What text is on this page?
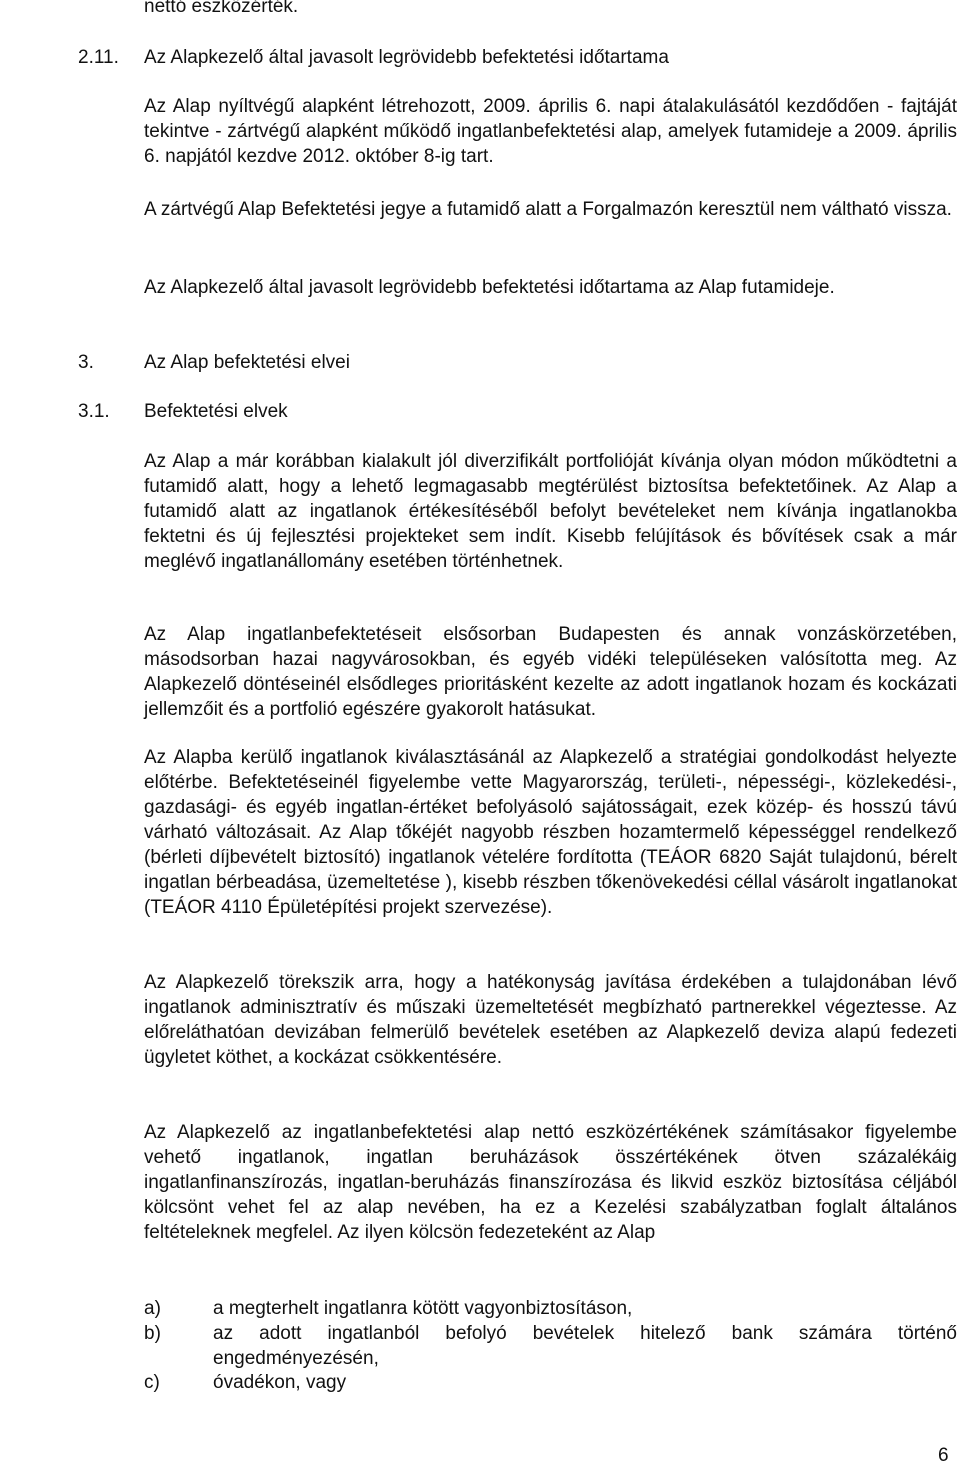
nettó eszközérték.

2.11. Az Alapkezelő által javasolt legrövidebb befektetési időtartama

Az Alap nyíltvégű alapként létrehozott, 2009. április 6. napi átalakulásától kezdődően - fajtáját tekintve - zártvégű alapként működő ingatlanbefektetési alap, amelyek futamideje a 2009. április 6. napjától kezdve 2012. október 8-ig tart.

A zártvégű Alap Befektetési jegye a futamidő alatt a Forgalmazón keresztül nem váltható vissza.

Az Alapkezelő által javasolt legrövidebb befektetési időtartama az Alap futamideje.

3.	Az Alap befektetési elvei
3.1. Befektetési elvek

Az Alap a már korábban kialakult jól diverzifikált portfolióját kívánja olyan módon működtetni a futamidő alatt, hogy a lehető legmagasabb megtérülést biztosítsa befektetőinek. Az Alap a futamidő alatt az ingatlanok értékesítéséből befolyt bevételeket nem kívánja ingatlanokba fektetni és új fejlesztési projekteket sem indít. Kisebb felújítások és bővítések csak a már meglévő ingatlanállomány esetében történhetnek.

Az Alap ingatlanbefektetéseit elsősorban Budapesten és annak vonzáskörzetében, másodsorban hazai nagyvárosokban, és egyéb vidéki településeken valósította meg. Az Alapkezelő döntéseinél elsődleges prioritásként kezelte az adott ingatlanok hozam és kockázati jellemzőit és a portfolió egészére gyakorolt hatásukat.

Az Alapba kerülő ingatlanok kiválasztásánál az Alapkezelő a stratégiai gondolkodást helyezte előtérbe. Befektetéseinél figyelembe vette Magyarország, területi-, népességi-, közlekedési-, gazdasági- és egyéb ingatlan-értéket befolyásoló sajátosságait, ezek közép- és hosszú távú várható változásait. Az Alap tőkéjét nagyobb részben hozamtermelő képességgel rendelkező (bérleti díjbevételt biztosító) ingatlanok vételére fordította (TEÁOR 6820 Saját tulajdonú, bérelt ingatlan bérbeadása, üzemeltetése ), kisebb részben tőkenövekedési céllal vásárolt ingatlanokat (TEÁOR 4110 Épületépítési projekt szervezése).

Az Alapkezelő törekszik arra, hogy a hatékonyság javítása érdekében a tulajdonában lévő ingatlanok adminisztratív és műszaki üzemeltetését megbízható partnerekkel végeztesse. Az előreláthatóan devizában felmerülő bevételek esetében az Alapkezelő deviza alapú fedezeti ügyletet köthet, a kockázat csökkentésére.

Az Alapkezelő az ingatlanbefektetési alap nettó eszközértékének számításakor figyelembe vehető ingatlanok, ingatlan beruházások összértékének ötven százalékáig ingatlanfinanszírozás, ingatlan-beruházás finanszírozása és likvid eszköz biztosítása céljából kölcsönt vehet fel az alap nevében, ha ez a Kezelési szabályzatban foglalt általános feltételeknek megfelel. Az ilyen kölcsön fedezeteként az Alap

a)	a megterhelt ingatlanra kötött vagyonbiztosításon,
b)	az adott ingatlanból befolyó bevételek hitelező bank számára történő engedményezésén,
c)	óvadékon, vagy
6
